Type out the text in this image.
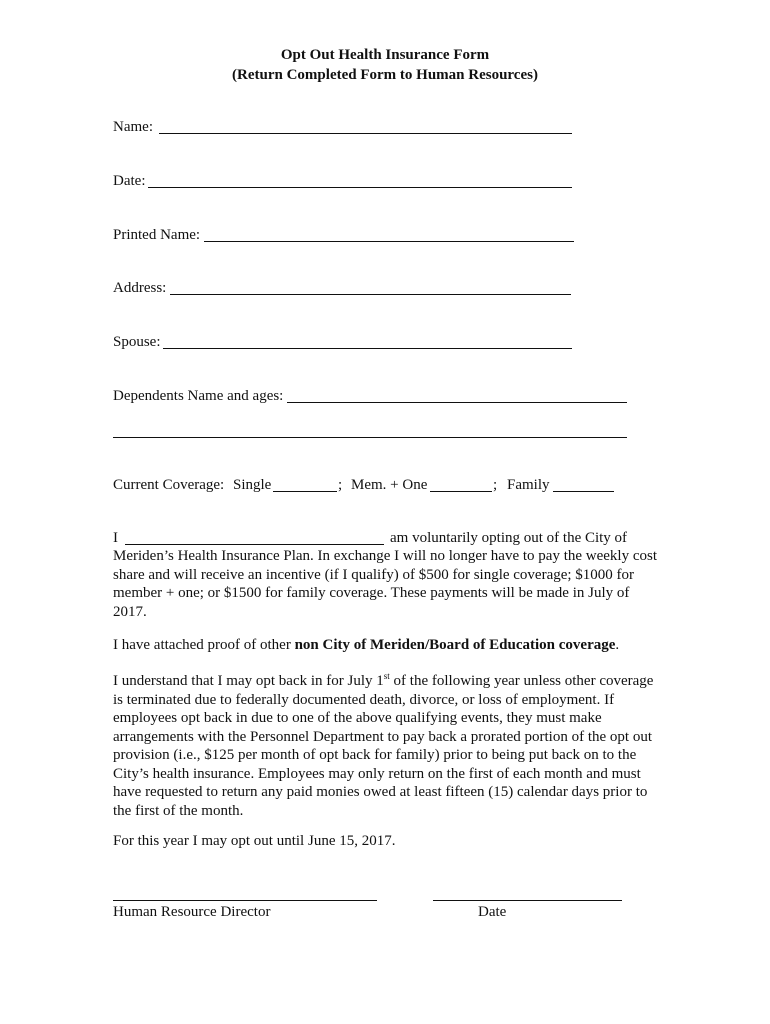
Opt Out Health Insurance Form
(Return Completed Form to Human Resources)
Name:
Date:
Printed Name:
Address:
Spouse:
Dependents Name and ages:
Current Coverage: Single	; Mem. + One	; Family
I	am voluntarily opting out of the City of

Meriden’s Health Insurance Plan. In exchange I will no longer have to pay the weekly cost share and will receive an incentive (if I qualify) of $500 for single coverage; $1000 for member + one; or $1500 for family coverage. These payments will be made in July of 2017.

I have attached proof of other non City of Meriden/Board of Education coverage.

I understand that I may opt back in for July 1st of the following year unless other coverage is terminated due to federally documented death, divorce, or loss of employment. If employees opt back in due to one of the above qualifying events, they must make arrangements with the Personnel Department to pay back a prorated portion of the opt out provision (i.e., $125 per month of opt back for family) prior to being put back on to the City’s health insurance. Employees may only return on the first of each month and must have requested to return any paid monies owed at least fifteen (15) calendar days prior to the first of the month.

For this year I may opt out until June 15, 2017.
Human Resource Director	Date
